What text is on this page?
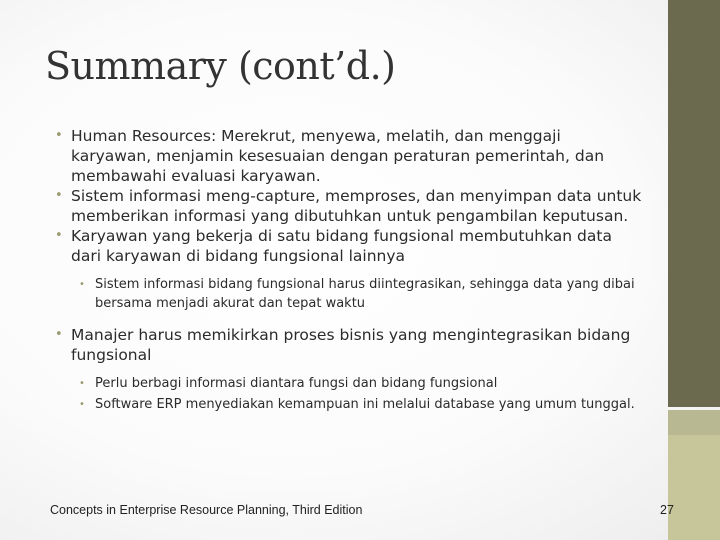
Summary (cont’d.)
• Human Resources: Merekrut, menyewa, melatih, dan menggaji karyawan, menjamin kesesuaian dengan peraturan pemerintah, dan membawahi evaluasi karyawan.
• Sistem informasi meng-capture, memproses, dan menyimpan data untuk memberikan informasi yang dibutuhkan untuk pengambilan keputusan.
• Karyawan yang bekerja di satu bidang fungsional membutuhkan data dari karyawan di bidang fungsional lainnya
• Sistem informasi bidang fungsional harus diintegrasikan, sehingga data yang dibai bersama menjadi akurat dan tepat waktu
• Manajer harus memikirkan proses bisnis yang mengintegrasikan bidang fungsional
• Perlu berbagi informasi diantara fungsi dan bidang fungsional
• Software ERP menyediakan kemampuan ini melalui database yang umum tunggal.
Concepts in Enterprise Resource Planning, Third Edition	27
